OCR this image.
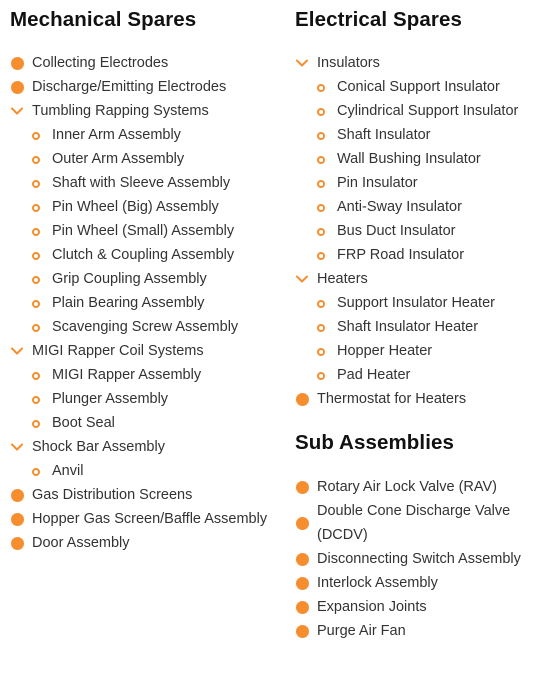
Mechanical Spares
Collecting Electrodes
Discharge/Emitting Electrodes
Tumbling Rapping Systems
Inner Arm Assembly
Outer Arm Assembly
Shaft with Sleeve Assembly
Pin Wheel (Big) Assembly
Pin Wheel (Small) Assembly
Clutch & Coupling Assembly
Grip Coupling Assembly
Plain Bearing Assembly
Scavenging Screw Assembly
MIGI Rapper Coil Systems
MIGI Rapper Assembly
Plunger Assembly
Boot Seal
Shock Bar Assembly
Anvil
Gas Distribution Screens
Hopper Gas Screen/Baffle Assembly
Door Assembly
Electrical Spares
Insulators
Conical Support Insulator
Cylindrical Support Insulator
Shaft Insulator
Wall Bushing Insulator
Pin Insulator
Anti-Sway Insulator
Bus Duct Insulator
FRP Road Insulator
Heaters
Support Insulator Heater
Shaft Insulator Heater
Hopper Heater
Pad Heater
Thermostat for Heaters
Sub Assemblies
Rotary Air Lock Valve (RAV)
Double Cone Discharge Valve (DCDV)
Disconnecting Switch Assembly
Interlock Assembly
Expansion Joints
Purge Air Fan
